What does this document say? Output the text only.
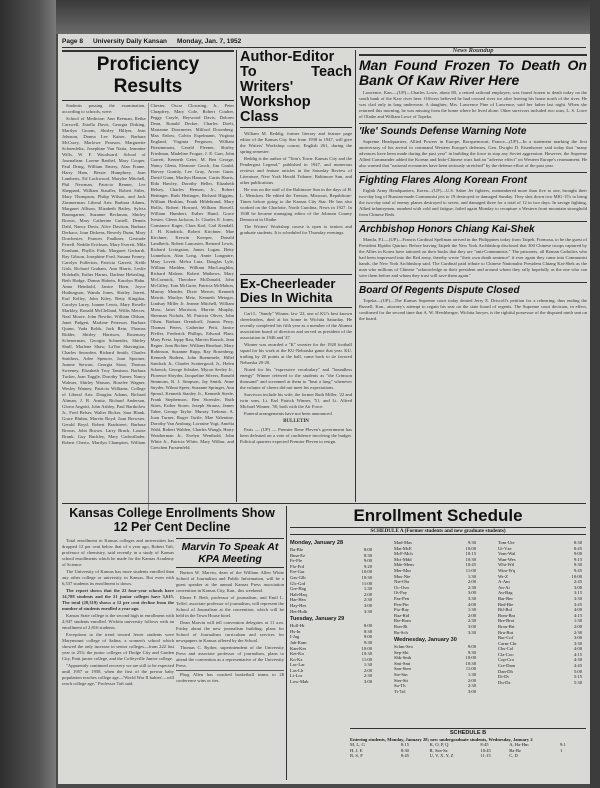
Page 8 University Daily Kansan Monday, Jan. 7, 1952
Proficiency Results

Students passing the examination, according to schools, were:

School of Medicine: Ann Beeman, Retha Carswell, Estella Davis, Georgia Dirking, Marilyn Groom, Shirley Hillyer, Jean Johnson, Donna Lee Kaiser, Barbara McCurry, Marlowe Pearson, Marguerite Schoenfeltz, Josephine Van Natta, Jeannine Wills, W. F. Woodward. School of Journalism: Lorene Barthel, Mary Cooper, Paul Dring, William Emery, Alan Frame, Harry Ham, Bessie Humphrey, Joan Lamberts, Ed Lockwood, Marylee Mitchell, Phil Newman, Patricia Renner, Lee Sheppard, William Stauffer, Robert Stiles, Mary Thompson, Philip Wilson, and Jack Zimmerman. Liberal Arts: Barbara Adams, Margaret Allison, Elizabeth Bailey, Sylvia Baumgarner, Suzanne Beckman, Shirley Brown, Mary Catherine Cuttell, Dennis Dahl, Nancy Davis, Alice Davison, Barbara Derkacz, Joan Dickens, Beverly Dunn, Mary Dorchester, Frances Faulkner, Gertrude Ferrell. Neddie Erickson, Mary Everett, Mila Farnham, Phyllis Fink, Margaret Gerhardt, Ray Gibson, Josephine Ford, Susana Forney, Carolyn Fullerton, Patricia Garrett, Keith Gish, Richard Graham, Ann Harris, Leslie Holzhalb, Esther Harms, Darlene Heberling, Beth Hodge, Donna Hobein, Karolyn Hahn. Anna Heinbold, Janice Horn, Joyce Huthingson, Wanda Jones, Shirley Jarrett, Earl Kelley, John Kiley, Betty Kingdon, Carolyn Larey, Joanne Lewis, Mary Roselle Markley, Ronald McClelland, Willis Mercer, Neal Moore, John Newlin, William Ohlson, Janet Padgett, Marlene Peterson. Barbara Quinn, Vada Rolds, Jack Rein, Thomas Ridder, Shirley Harrison, Rosemary Schenerman, Georgia Schneider, Shirley Shull, Marlene Shaw, LaVoe Shavington, Charles Snowden, Richard Smith, Charles Smithers, Arlee Spencer, Joan Spooner, Joanne Stewart, Georgia Stout, Thomas Sweeney, Elizabeth Troy Tamison, Barbara Tucker, Joan Tuggle, Dorothy Turner, Nancy Walmer, Shirley Watson, Roselee Wagner, Wesley Watney, Patricia Williams. College of Liberal Arts: Douglas Adams, Richard Altman, J. R. Arnitz, Richard Anderson, Gloria Angotti, John Ashley, Paul Bartholow Jr., Fred Belser, Walter Bicker, Sara Blank, Grace Bluhm, Marvin Boyd, Joan Brewster, Gerald Boyd, Robert Bradstreet, Barbara Brown, John Brown. Larry Bruck, Louise Brunk, Guy Buckley, Mary Cadwallader, Robert Cherio, Marilyn Champion, William Chester, Oscar Clowning, Jr., Peter Chrapfrey, Mary Cole, Robert Coulter, Peggy Crayle, Heywood Davis, Dolores Dean, Ronald Decker, Charles Doelt, Marianne Doormeier, Milford Doornberg. Max Enlow, Calvin Espelmann, Virginia England, Virginia Ferguson, William Fitzsimmons, Gerald Fleener, Shirley Friedman, Madeline Frogue, J. E. Garr, John Garrett, Kenneth Geier, M. Ben George, Nancy Glenn, Eleanore Gosch, Jim Gould, Harvey Gramly, Lee Gray, Arvon Gunn. David Gunn, Marilyn Hanson, Curtis Harris, Elda Hawley, Dorothy Heller, Elizabeth Helsey, Charles Henson, Jr., Robert Hettinger, Ruth Hettinger, Richard Higgins, William Hoskins, Frank Hildebrand, Mary Hollis, Robert Howard, William Howell, William Humbert, Esther Hund, Grace Ivester, Glenn Jackson, Jr. Charles E. Jones, Constance Kager, Clara Karl, Carl Kendall, J. H. Kindrick, Robert Kirchner, Mae Kirchner, Kerwin Koerper, Donald Landbeck, Robert Lancaster, Bernard Lewis, Richard Livingston, James Logan, Betty Lunnelson, Alan Long, Annie Longmire, Mary Lovett. Melva Lutz, Douglas Lyle, William Madden, William MacLaughlin, Richard Malone, Robert Mathews, Mary McCormick, Theodore McDonald, John McGilley, Tom McGuire, Patricia McMahon, Murray Mender, Dixie Mercer, Kenneth Merritt, Marilyn Metz, Kenneth Metzger, Lindsay Miller Jr. Jeanne Mitchell, William Moss, Janet Morrison, Marvin Murphy, Sherman Nichols, M. Patricia Oliver, John Olsen, Barbara Orendorff, Joanna Perry, Thomas Peters, Catherine Petit, Janice Pfeffer, Frederick Phillips, Edward Plant, Mary Pretz, Jeppy Rau, Marvin Rausch, Jean Regier. Jean Richter, William Rinehart, Mary Robinson, Suzanne Rupp, Ray Rosenberg, Kenneth Rudeen, John Ruemmele, Hillel Sandock Jr., Charles Scattergood, Jr., Helen Schenck, George Schulze, Myron Seeley Jr., Florence Shryder, Jacqueline Silvers, Ronald Simmons, R. J. Simpson, Jay Smith. Anne Snyder, Wilma Speer, Suzanne Springer, Ann Sproul, Kenneth Stanley Jr., Kenneth Steele, Frank Stephenson, Ben Stoessler, Ruth Stites, Esther Storer, Joseph Strauss, James Taber, George Taylor. Murray Trelease, A. Joan Turner, Roger Turtle, Mae Valentine, Dorothy Van Ansburg, Lorraine Vogt, Amelia Wahl, Robert Walden, Charles Waugh, Harry Weatherman Jr., Evelyn Wenthold, John White Jr., Patricia White, Mary Wilbur, and Gretchen Furstenfeld.

Author-Editor To Teach Writers' Workshop Class

William M. Reddig, former literary and feature page editor of the Kansas City Star from 1938 to 1947, will give the Writers' Workshop course, English 261, during the spring semester.

Reddig is the author of "Tom's Town: Kansas City and the Pendergast Legend," published in 1947, and numerous reviews and feature articles in the Saturday Review of Literature, New York Herald Tribune, Baltimore Sun, and other publications.

He was on the staff of the Baltimore Sun in the days of H. L. Mencken. He edited the Trenton, Missouri, Republican-Times before going to the Kansas City Star. He has also worked on the Charlotte, North Carolina, News in 1927. In 1948 he became managing editor of the Johnson County Democrat in Olathe.

The Writers' Workshop course is open to seniors and graduate students. It is scheduled for Thursday evenings.

Ex-Cheerleader Dies In Wichita

Carl L. "Sandy" Winner, law '22, one of KU's best known cheerleaders, died at his home in Wichita Saturday. He recently completed his fifth year as a member of the Alumni association board of directors and served as president of the association in 1946 and '47.

Winner was awarded a "K" sweater for the 1920 football squad for his work at the KU-Nebraska game that year. KU, trailing by 20 points at the half, came back to tie favored Nebraska 20-20.

Noted for his "expressive vocabulary" and "boundless energy" Winner referred to the students as "the Crimson thousand" and screamed at them to "beat a lung" whenever the volume of cheers did not meet his expectations.

Survivors include his wife, the former Ruth Miller, '22 and twin sons, Lt. Earl Patrick Winner, '51, and Lt. Alfred Michael Winner, '50, both with the Air Force.

Funeral arrangements have not been announced.

BULLETIN

Paris — (UP) — Premier Rene Pleven's government has been defeated on a vote of confidence involving the budget. Political quarters expected Premier Pleven to resign.

News Roundup
Man Found Frozen To Death On Bank Of Kaw River Here

Lawrence, Kan.—(UP)—Charles Lowe, about 80, a retired railroad employee, was found frozen to death today on the south bank of the Kaw river here. Officers believed he had crossed river ice after leaving his home north of the river. He was clad only in long underwear. A daughter, Mrs. Lawrence Pine of Lawrence, said her father last night. When she returned this morning, he was missing from the home where he lived alone. Other survivors included two sons, L. S. Lowe of Olathe and William Lowe of Topeka.

'Ike' Sounds Defense Warning Note

Supreme Headquarters, Allied Powers in Europe, Rocquencourt, France—(UP)—In a statement marking the first anniversary of his arrival to command Western Europe's defenses, Gen. Dwight D. Eisenhower said today that "many advances have been made during the past year" in building the force to stop any Soviet aggression. However, the Supreme Allied Commander added the Korean and Indo-Chinese wars had an "adverse effect" on Western Europe's rearmament. He also warned that "national economies have been seriously stretched" by the defense effort of the past year.

Fighting Flares Along Korean Front

Eighth Army Headquarters, Korea—(UP)—U.S. Sabre Jet fighters, outnumbered more than five to one, brought their two-day bag of Russian-made Communist jets to 19 destroyed or damaged Sunday. They shot down two MIG-15's to bring the two-day total of enemy planes destroyed to seven, and damaged three for a total of 12 in two days. In savage fighting, Allied infantrymen, numbed with cold and fatigue, failed again Monday to recapture a Western front mountain stronghold from Chinese Reds.

Archbishop Honors Chiang Kai-Shek

Manila, P.I.—(UP)—Francis Cardinal Spellman arrived in the Philippines today from Taipeh, Formosa, to be the guest of President Elpidio Quirino. Before leaving Taipeh the New York Archbishop disclosed that 300 Chinese troops captured by the Allies in Korea have tattooed on their backs that they are "anti-Communists." The prisoners, all Roman Catholics who had been impressed into the Red army, thereby wrote "their own death sentence" if ever again they came into Communist hands, the New York Archbishop said. The Cardinal paid tribute to Chinese Nationalist President Chiang Kai-Shek as the man who millions of Chinese "acknowledge as their president and around whom they rally hopefully as the one who can save them before and whom they trust will save them again."

Board Of Regents Dispute Closed

Topeka—(UP)—The Kansas Supreme court today denied Jerry E. Driscoll's petition for a rehearing, thus ending the Russell, Kan., attorney's attempt to regain his seat on the state board of regents. The Supreme court decision, in effect, confirmed for the second time that A. W. Hershberger, Wichita lawyer, is the rightful possessor of the disputed ninth seat on the board.

Kansas College Enrollments Show 12 Per Cent Decline

Total enrollment in Kansas colleges and universities has dropped 12 per cent below that of a year ago, Robert Taft, professor of chemistry, said recently in a study of Kansas school enrollments which he made for the Kansas Academy of Science.

The University of Kansas has more students enrolled than any other college or university in Kansas. But even with 6,537 students its enrollment is down.

The report shows that the 22 four-year schools have 14,708 students and the 21 junior colleges have 3,615. The total (28,319) shows a 12 per cent decline from the number of students enrolled a year ago.

Kansas State college is the second high in enrollment with 4,947 students enrolled. Wichita university follows with an enrollment of 2,816 students.

Exceptions to the trend toward fewer students were Marymount college of Salina, a women's school which showed the only increase in senior colleges—from 222 last year to 253; the junior colleges of Dodge City and Garden City, Pratt junior college, and the Coffeyville Junior college.

"Apparently continued recovery we are still to be expected until 1957 or 1958, when the first of the prewar baby population reaches college age—'World War II babies'—will reach college age," Professor Taft said.

Marvin To Speak At KPA Meeting

Burton W. Marvin, dean of the William Allen White School of Journalism and Public Information, will be a guest speaker at the annual Kansas Press association convention in Kansas City, Kan., this weekend.

Elmer F. Beth, professor of journalism, and Emil L. Telfel, associate professor of journalism, will represent the School of Journalism at the convention, which will be held in the Town House hotel.

Dean Marvin will tell convention delegates at 11 a.m. Friday about the new journalism building, plans for School of Journalism curriculum and services for newspapers in Kansas offered by the School.

Thomas C. Ryther, superintendent of the University Press and associate professor of journalism, plans to attend the convention as a representative of the University Press.

Phog Allen has coached basketball teams to 28 conference wins or ties.

Enrollment Schedule
SCHEDULE A (Former students and new graduate students)
Monday, January 28
Ba-Ble	8:00
Bma-Ez	8:30
Fe-Fle	9:00
Flo-Frd	9:20
Fre-Gar	10:00
Gas-Glb	10:30
Glc-Grd	11:00
Gre-Hag	1:30
Hah-Haq	2:00
Har-Hea	2:30
Hay-Hes	3:00
Het-Holk	3:30
Tuesday, January 29
Holl-Hr	8:00
Hs-In	8:30
I-Jag	9:00
Jah-Kam	9:30
Kan-Kes	10:00
Ket-Kn	10:30
Ko-Kz	11:00
Lac-Lar	1:30
Las-Lh	2:00
Li-Lor	2:30
Low-Mab	3:00
Mad-Mas	9:30
Mat-McE	10:00
McF-Mch	10:15
Mci-Mdd	10:30
Mde-Mem	10:45
Mer-Mur	11:00
Mus-Nie	1:30
Nie-Obr	2:00
Oc-Osw	2:30
Ot-Pay	3:00
Paz-Pen	3:30
Pen-Pin	4:00
Pio-Ray	1:30
Raz-Rid	2:00
Rie-Rom	2:30
Ron-Rt	3:00
Ru-Sch	3:30
Wednesday, January 30
Schm-Seo	9:00
Sep-Shi	9:30
Shk-Smh	10:00
Smi-Smt	10:30
Snu-Sten	11:00
Ste-Stn	1:30
Ster-Stt	2:00
Su-Th	2:30
Ti-Tol	3:00
Tom-Ute	8:30
Ut-Vze	8:45
Vom-Wal	9:00
Wan-Wes	9:15
Whi-Wil	9:30
Wim-Wq	9:45
Wr-Z	10:00
A-Am	2:45
An-At	3:00
Au-Bag	3:15
Bar-Bec	3:30
Bed-Bie	3:45
Bif-Bol	4:00
Bom-Bra	4:15
Bre-Brot	1:30
Brou-Brt	2:00
Bru-But	2:30
Bur-Cof	3:00
Carm-Chr	3:30
Chs-Col	4:00
Cla-Coo	4:15
Cop-Cra	4:30
Cre-Dam	4:45
Dan-Dh	5:00
Di-Dt	5:15
Du-Dz	5:30
SCHEDULE B
Entering students, Monday, January 28; new undergraduate students, Wednesday, January 2
M, L, G	8:15	K, O, P, Q	8:45	A, Ha-Hm	9:1
H, J, E	8:30	R, Sea-Sz	10:45	Ba-Bz	1
B, S, F	8:45	U, V, X, Y, Z	11:15	C, D
